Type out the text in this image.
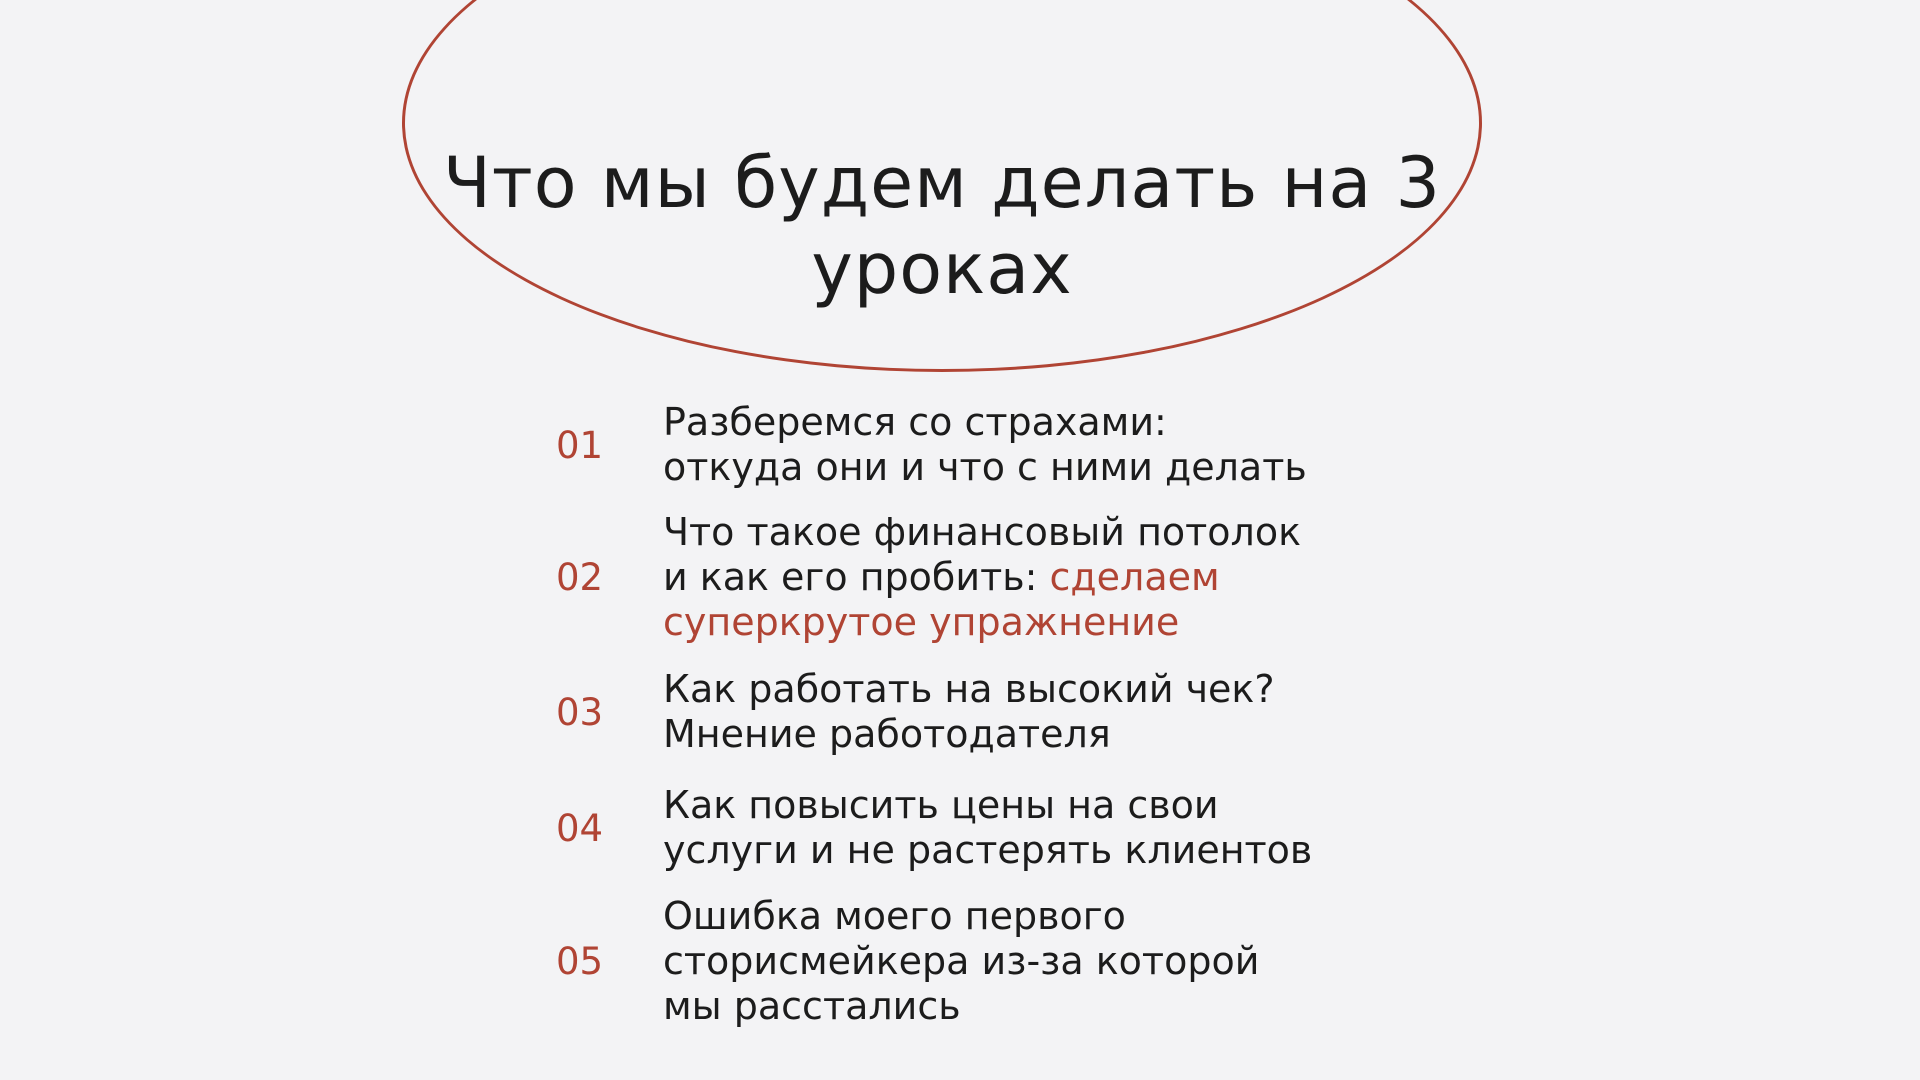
Что мы будем делать на 3 уроках
01
Разберемся со страхами:
откуда они и что с ними делать
02
Что такое финансовый потолок
и как его пробить: сделаем
суперкрутое упражнение
03
Как работать на высокий чек?
Мнение работодателя
04
Как повысить цены на свои
услуги и не растерять клиентов
05
Ошибка моего первого
сторисмейкера из-за которой
мы расстались
